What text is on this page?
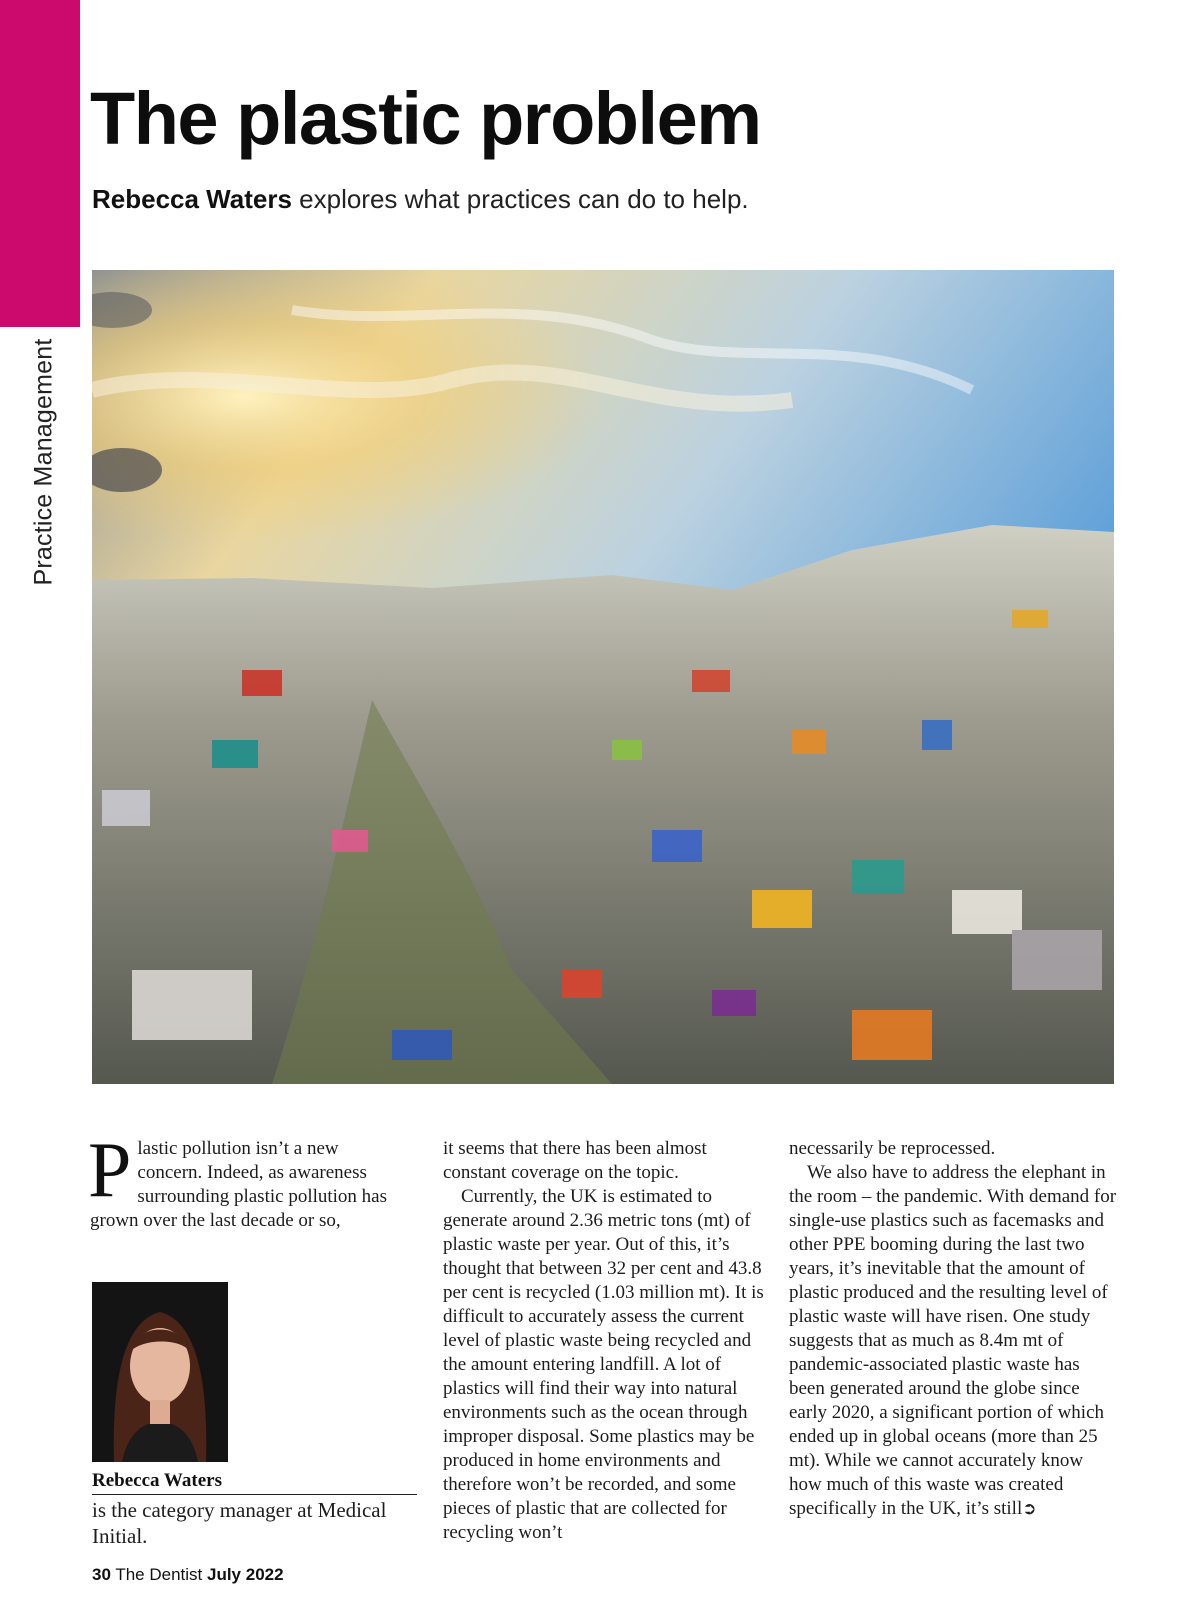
Practice Management
The plastic problem

Rebecca Waters explores what practices can do to help.

Plastic pollution isn’t a new concern. Indeed, as awareness surrounding plastic pollution has grown over the last decade or so,

Rebecca Waters
is the category manager at Medical Initial.

it seems that there has been almost constant coverage on the topic.

Currently, the UK is estimated to generate around 2.36 metric tons (mt) of plastic waste per year. Out of this, it’s thought that between 32 per cent and 43.8 per cent is recycled (1.03 million mt). It is difficult to accurately assess the current level of plastic waste being recycled and the amount entering landfill. A lot of plastics will find their way into natural environments such as the ocean through improper disposal. Some plastics may be produced in home environments and therefore won’t be recorded, and some pieces of plastic that are collected for recycling won’t

necessarily be reprocessed.

We also have to address the elephant in the room – the pandemic. With demand for single-use plastics such as facemasks and other PPE booming during the last two years, it’s inevitable that the amount of plastic produced and the resulting level of plastic waste will have risen. One study suggests that as much as 8.4m mt of pandemic-associated plastic waste has been generated around the globe since early 2020, a significant portion of which ended up in global oceans (more than 25 mt). While we cannot accurately know how much of this waste was created specifically in the UK, it’s still➲

30 The Dentist July 2022
